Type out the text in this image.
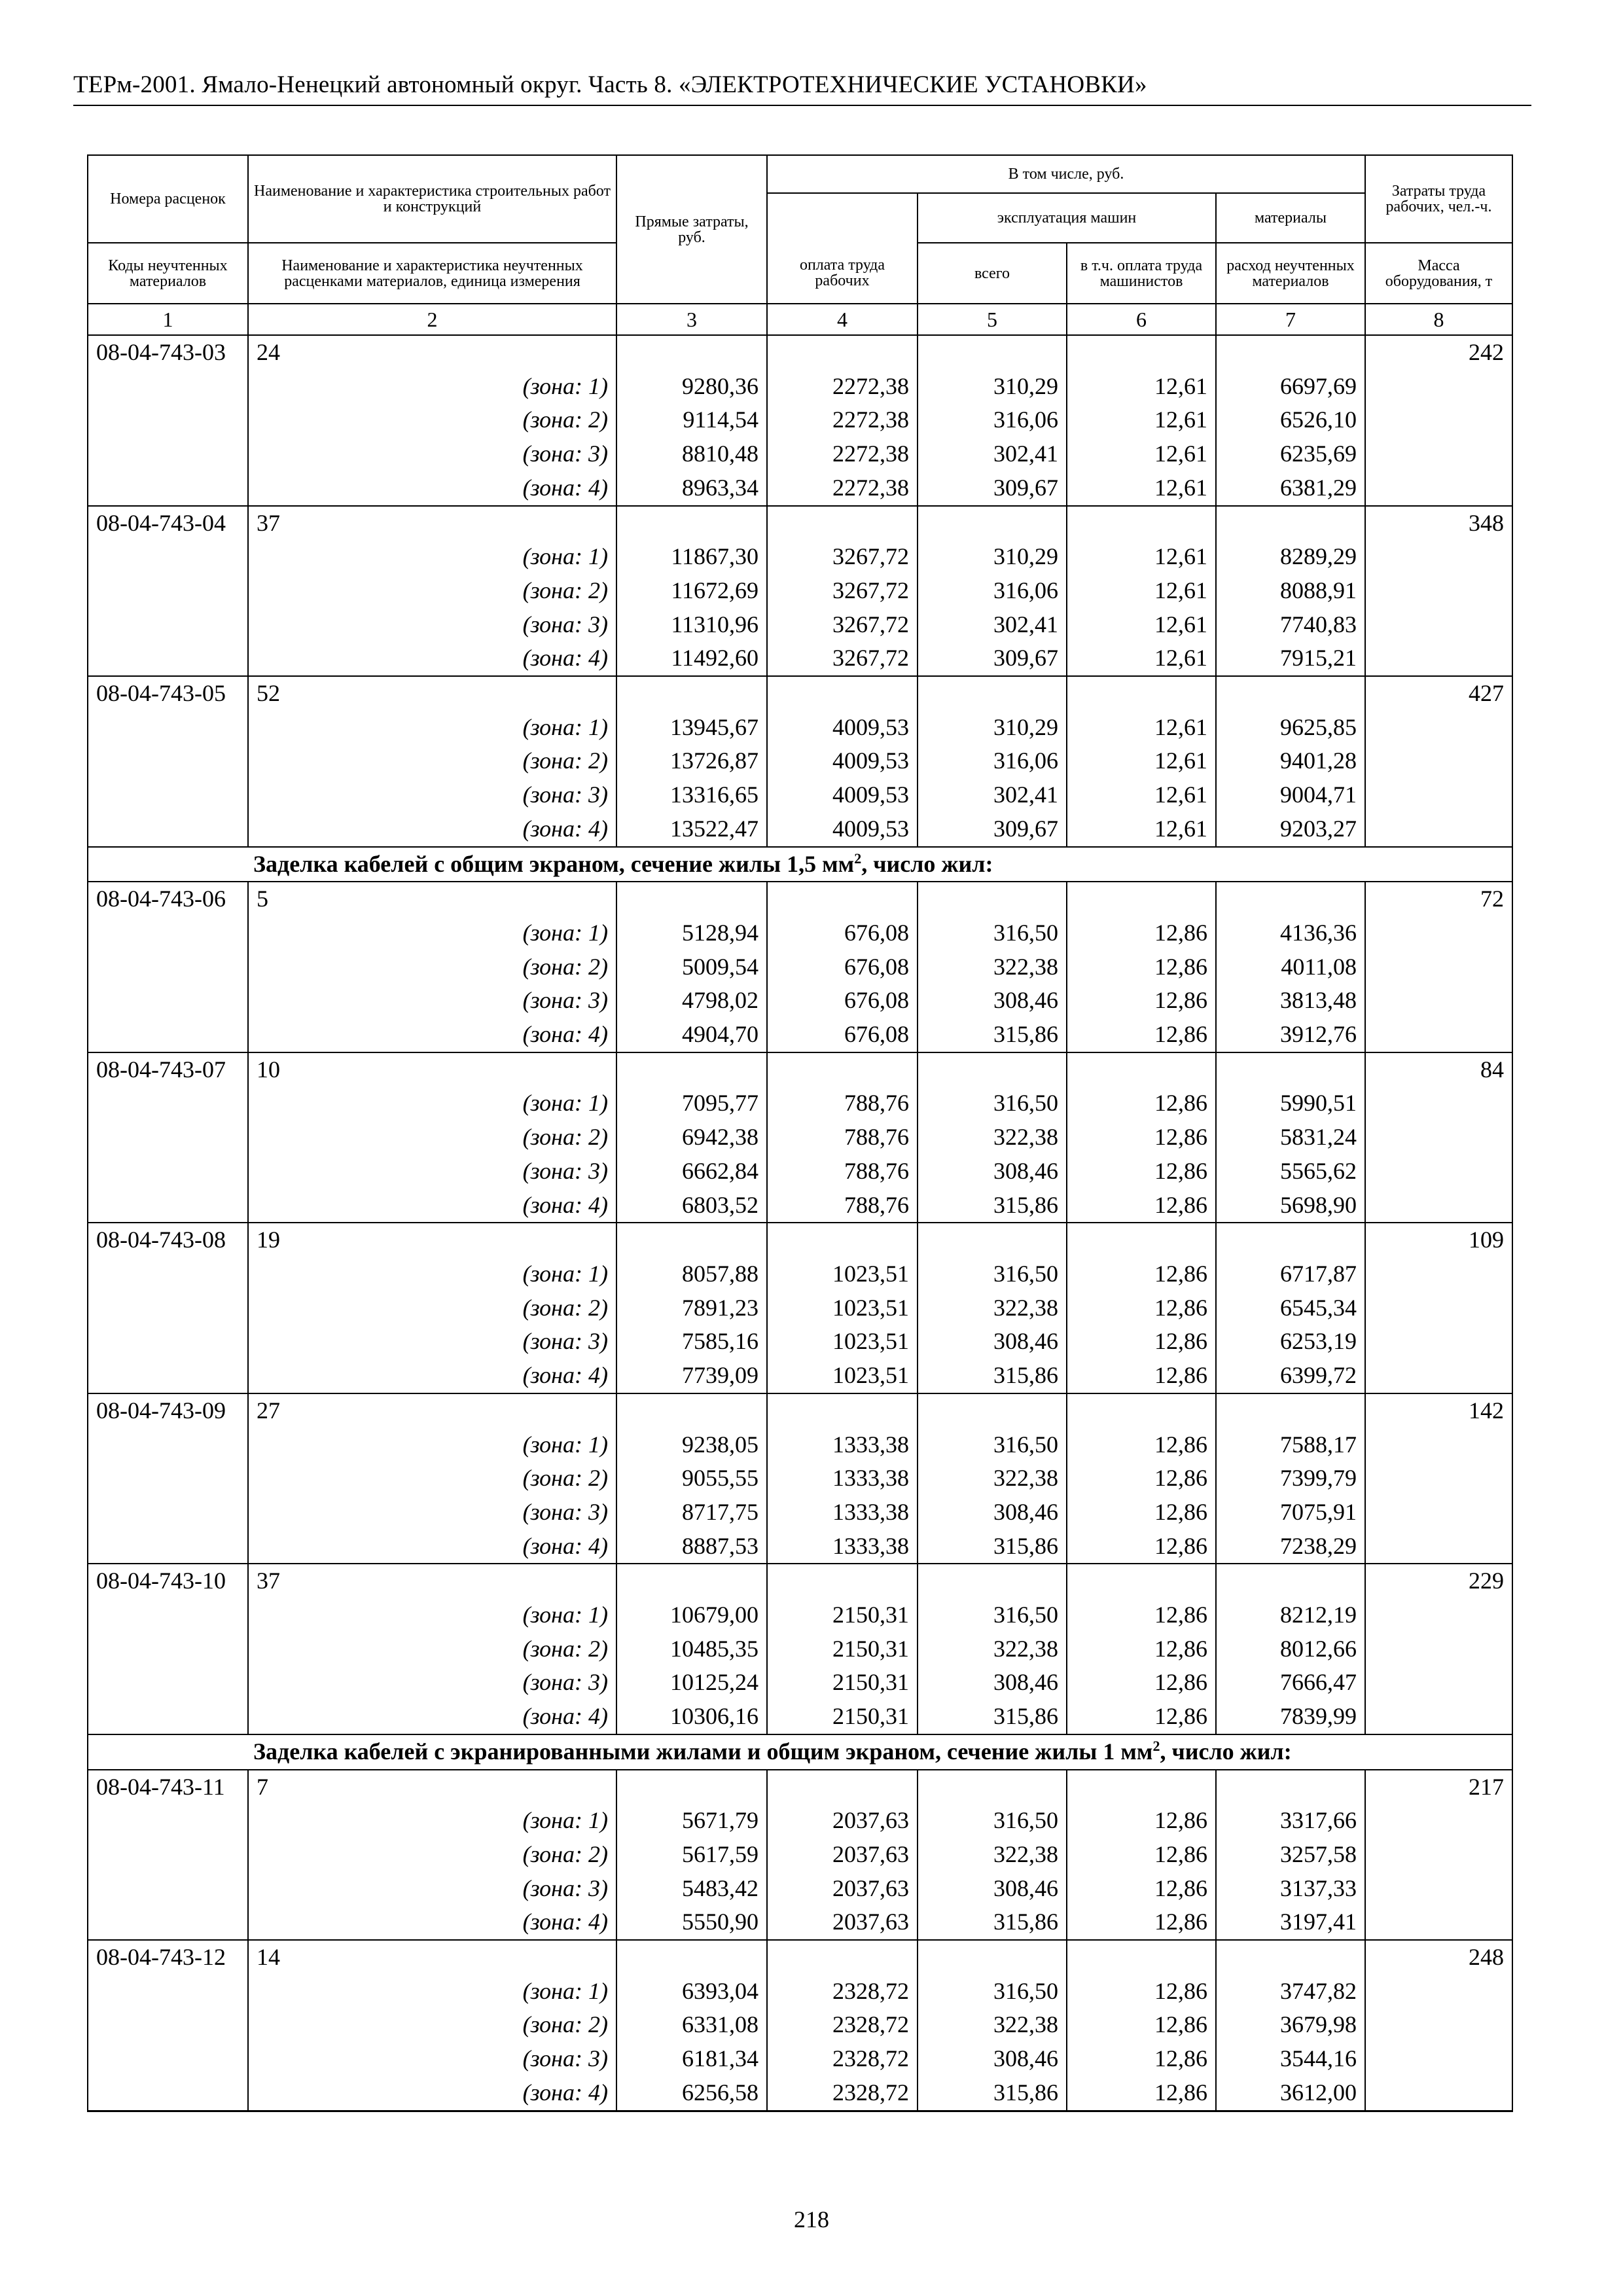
ТЕРм-2001. Ямало-Ненецкий автономный округ. Часть 8. «ЭЛЕКТРОТЕХНИЧЕСКИЕ УСТАНОВКИ»
Номера расценок	Наименование и характеристика строительных работ и конструкций	Прямые затраты, руб.	В том числе, руб.				Затраты труда рабочих, чел.-ч.
				эксплуатация машин		материалы	
Коды неучтенных материалов	Наименование и характеристика неучтенных расценками материалов, единица измерения		оплата труда рабочих	всего	в т.ч. оплата труда машинистов	расход неучтенных материалов	Масса оборудования, т
1	2	3	4	5	6	7	8
08-04-743-03	24						242
	(зона: 1)	9280,36	2272,38	310,29	12,61	6697,69	
	(зона: 2)	9114,54	2272,38	316,06	12,61	6526,10	
	(зона: 3)	8810,48	2272,38	302,41	12,61	6235,69	
	(зона: 4)	8963,34	2272,38	309,67	12,61	6381,29	
08-04-743-04	37						348
	(зона: 1)	11867,30	3267,72	310,29	12,61	8289,29	
	(зона: 2)	11672,69	3267,72	316,06	12,61	8088,91	
	(зона: 3)	11310,96	3267,72	302,41	12,61	7740,83	
	(зона: 4)	11492,60	3267,72	309,67	12,61	7915,21	
08-04-743-05	52						427
	(зона: 1)	13945,67	4009,53	310,29	12,61	9625,85	
	(зона: 2)	13726,87	4009,53	316,06	12,61	9401,28	
	(зона: 3)	13316,65	4009,53	302,41	12,61	9004,71	
	(зона: 4)	13522,47	4009,53	309,67	12,61	9203,27	
Заделка кабелей с общим экраном, сечение жилы 1,5 $мм^2$, число жил:							
08-04-743-06	5						72
	(зона: 1)	5128,94	676,08	316,50	12,86	4136,36	
	(зона: 2)	5009,54	676,08	322,38	12,86	4011,08	
	(зона: 3)	4798,02	676,08	308,46	12,86	3813,48	
	(зона: 4)	4904,70	676,08	315,86	12,86	3912,76	
08-04-743-07	10						84
	(зона: 1)	7095,77	788,76	316,50	12,86	5990,51	
	(зона: 2)	6942,38	788,76	322,38	12,86	5831,24	
	(зона: 3)	6662,84	788,76	308,46	12,86	5565,62	
	(зона: 4)	6803,52	788,76	315,86	12,86	5698,90	
08-04-743-08	19						109
	(зона: 1)	8057,88	1023,51	316,50	12,86	6717,87	
	(зона: 2)	7891,23	1023,51	322,38	12,86	6545,34	
	(зона: 3)	7585,16	1023,51	308,46	12,86	6253,19	
	(зона: 4)	7739,09	1023,51	315,86	12,86	6399,72	
08-04-743-09	27						142
	(зона: 1)	9238,05	1333,38	316,50	12,86	7588,17	
	(зона: 2)	9055,55	1333,38	322,38	12,86	7399,79	
	(зона: 3)	8717,75	1333,38	308,46	12,86	7075,91	
	(зона: 4)	8887,53	1333,38	315,86	12,86	7238,29	
08-04-743-10	37						229
	(зона: 1)	10679,00	2150,31	316,50	12,86	8212,19	
	(зона: 2)	10485,35	2150,31	322,38	12,86	8012,66	
	(зона: 3)	10125,24	2150,31	308,46	12,86	7666,47	
	(зона: 4)	10306,16	2150,31	315,86	12,86	7839,99	
Заделка кабелей с экранированными жилами и общим экраном, сечение жилы 1 $мм^2$, число жил:							
08-04-743-11	7						217
	(зона: 1)	5671,79	2037,63	316,50	12,86	3317,66	
	(зона: 2)	5617,59	2037,63	322,38	12,86	3257,58	
	(зона: 3)	5483,42	2037,63	308,46	12,86	3137,33	
	(зона: 4)	5550,90	2037,63	315,86	12,86	3197,41	
08-04-743-12	14						248
	(зона: 1)	6393,04	2328,72	316,50	12,86	3747,82	
	(зона: 2)	6331,08	2328,72	322,38	12,86	3679,98	
	(зона: 3)	6181,34	2328,72	308,46	12,86	3544,16	
	(зона: 4)	6256,58	2328,72	315,86	12,86	3612,00	
218
